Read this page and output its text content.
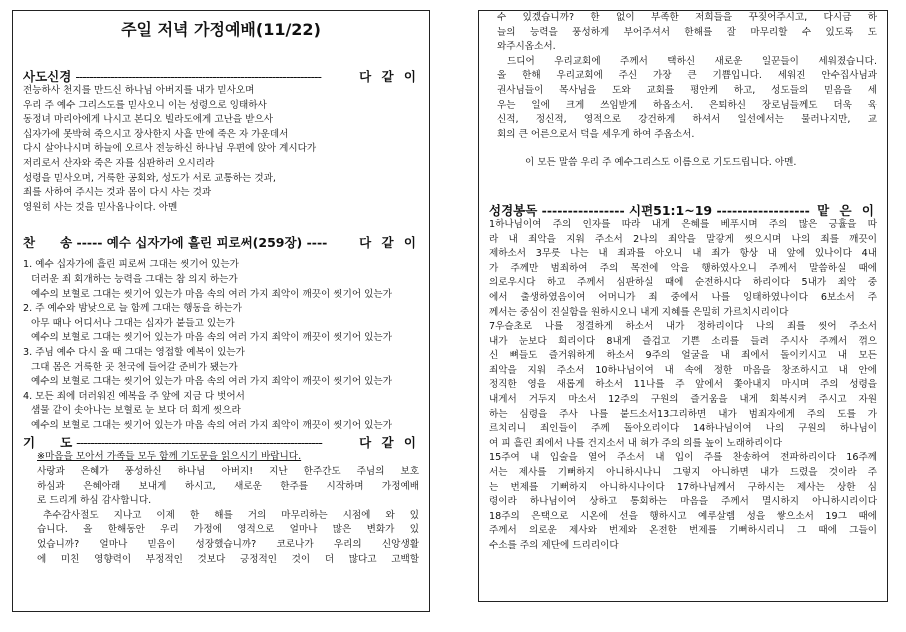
주일 저녁 가정예배(11/22)
사도신경 ----------------------------------------------------------------------	다 같 이
전능하사 천지를 만드신 하나님 아버지를 내가 믿사오며
우리 주 예수 그리스도를 믿사오니 이는 성령으로 잉태하사
동정녀 마리아에게 나시고 본디오 빌라도에게 고난을 받으사
십자가에 못박혀 죽으시고 장사한지 사흘 만에 죽은 자 가운데서
다시 살아나시며 하늘에 오르사 전능하신 하나님 우편에 앉아 계시다가
저리로서 산자와 죽은 자를 심판하러 오시리라
성령을 믿사오며, 거룩한 공회와, 성도가 서로 교통하는 것과,
죄를 사하여 주시는 것과 몸이 다시 사는 것과
영원히 사는 것을 믿사옵나이다. 아멘
찬　　송 ----- 예수 십자가에 흘린 피로써(259장) ----	다 같 이
1. 예수 십자가에 흘린 피로써 그대는 씻기어 있는가
더러운 죄 회개하는 능력을 그대는 참 의지 하는가
예수의 보혈로 그대는 씻기어 있는가 마음 속의 여러 가지 죄악이 깨끗이 씻기어 있는가
2. 주 예수와 밤낮으로 늘 함께 그대는 행동을 하는가
아무 때나 어디서나 그대는 십자가 붙들고 있는가
예수의 보혈로 그대는 씻기어 있는가 마음 속의 여러 가지 죄악이 깨끗이 씻기어 있는가
3. 주님 예수 다시 올 때 그대는 영접할 예복이 있는가
그대 몸은 거룩한 곳 천국에 들어갈 준비가 됐는가
예수의 보혈로 그대는 씻기어 있는가 마음 속의 여러 가지 죄악이 깨끗이 씻기어 있는가
4. 모든 죄에 더러워진 예복을 주 앞에 지금 다 벗어서
샘물 같이 솟아나는 보혈로 눈 보다 더 희게 씻으라
예수의 보혈로 그대는 씻기어 있는가 마음 속의 여러 가지 죄악이 깨끗이 씻기어 있는가
기　　도 ----------------------------------------------------------------------	다 같 이
※마음을 모아서 가족들 모두 함께 기도문을 읽으시기 바랍니다.
사랑과 은혜가 풍성하신 하나님 아버지! 지난 한주간도 주님의 보호
하심과 은혜아래 보내게 하시고, 새로운 한주를 시작하며 가정예배
로 드리게 하심 감사합니다.
추수감사절도 지나고 이제 한 해를 거의 마무리하는 시점에 와 있
습니다. 올 한해동안 우리 가정에 영적으로 얼마나 많은 변화가 있
었습니까? 얼마나 믿음이 성장했습니까? 코로나가 우리의 신앙생활
에 미친 영향력이 부정적인 것보다 긍정적인 것이 더 많다고 고백할
수 있겠습니까? 한 없이 부족한 저희들을 꾸짖어주시고, 다시금 하
늘의 능력을 풍성하게 부어주셔서 한해를 잘 마무리할 수 있도록 도
와주시옵소서.
드디어 우리교회에 주께서 택하신 새로운 일꾼들이 세워졌습니다.
올 한해 우리교회에 주신 가장 큰 기쁨입니다. 세워진 안수집사님과
권사님들이 목사님을 도와 교회를 평안케 하고, 성도들의 믿음을 세
우는 일에 크게 쓰임받게 하옵소서. 은퇴하신 장로님들께도 더욱 육
신적, 정신적, 영적으로 강건하게 하셔서 일선에서는 물러나지만, 교
회의 큰 어른으로서 덕을 세우게 하여 주옵소서.
이 모든 말씀 우리 주 예수그리스도 이름으로 기도드립니다. 아멘.
성경봉독 ---------------- 시편51:1~19 ------------------ 맡 은 이
1하나님이여 주의 인자를 따라 내게 은혜를 베푸시며 주의 많은 긍휼을 따
라 내 죄악을 지워 주소서 2나의 죄악을 말갛게 씻으시며 나의 죄를 깨끗이
제하소서 3무릇 나는 내 죄과를 아오니 내 죄가 항상 내 앞에 있나이다 4내
가 주께만 범죄하여 주의 목전에 악을 행하였사오니 주께서 말씀하실 때에
의로우시다 하고 주께서 심판하실 때에 순전하시다 하리이다 5내가 죄악 중
에서 출생하였음이여 어머니가 죄 중에서 나를 잉태하였나이다 6보소서 주
께서는 중심이 진실함을 원하시오니 내게 지혜를 은밀히 가르치시리이다
7우슬초로 나를 정결하게 하소서 내가 정하리이다 나의 죄를 씻어 주소서
내가 눈보다 희리이다 8내게 즐겁고 기쁜 소리를 들려 주시사 주께서 꺾으
신 뼈들도 즐거워하게 하소서 9주의 얼굴을 내 죄에서 돌이키시고 내 모든
죄악을 지워 주소서 10하나님이여 내 속에 정한 마음을 창조하시고 내 안에
정직한 영을 새롭게 하소서 11나를 주 앞에서 쫓아내지 마시며 주의 성령을
내게서 거두지 마소서 12주의 구원의 즐거움을 내게 회복시켜 주시고 자원
하는 심령을 주사 나를 붙드소서13그리하면 내가 범죄자에게 주의 도를 가
르치리니 죄인들이 주께 돌아오리이다 14하나님이여 나의 구원의 하나님이
여 피 흘린 죄에서 나를 건지소서 내 혀가 주의 의를 높이 노래하리이다
15주여 내 입술을 열어 주소서 내 입이 주를 찬송하여 전파하리이다 16주께
서는 제사를 기뻐하지 아니하시나니 그렇지 아니하면 내가 드렸을 것이라 주
는 번제를 기뻐하지 아니하시나이다 17하나님께서 구하시는 제사는 상한 심
령이라 하나님이여 상하고 통회하는 마음을 주께서 멸시하지 아니하시리이다
18주의 은택으로 시온에 선을 행하시고 예루살렘 성을 쌓으소서 19그 때에
주께서 의로운 제사와 번제와 온전한 번제를 기뻐하시리니 그 때에 그들이
수소를 주의 제단에 드리리이다
